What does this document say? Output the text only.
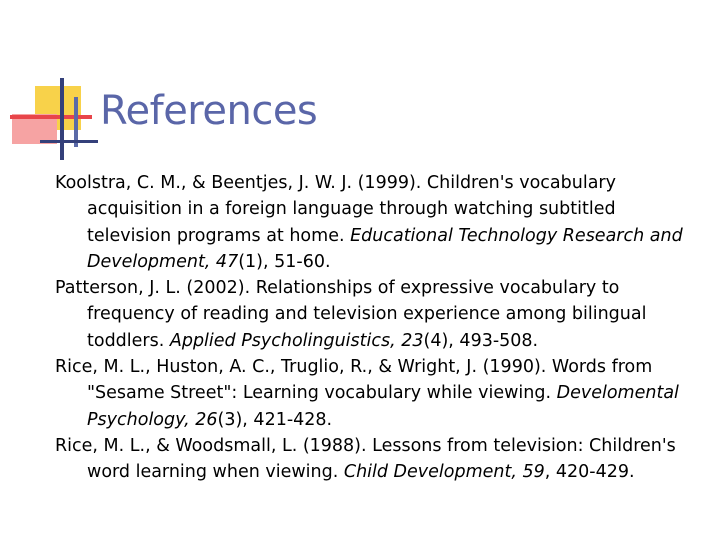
References
Koolstra, C. M., & Beentjes, J. W. J. (1999). Children's vocabulary acquisition in a foreign language through watching subtitled television programs at home. Educational Technology Research and Development, 47(1), 51-60.
Patterson, J. L. (2002). Relationships of expressive vocabulary to frequency of reading and television experience among bilingual toddlers. Applied Psycholinguistics, 23(4), 493-508.
Rice, M. L., Huston, A. C., Truglio, R., & Wright, J. (1990). Words from "Sesame Street": Learning vocabulary while viewing. Develomental Psychology, 26(3), 421-428.
Rice, M. L., & Woodsmall, L. (1988). Lessons from television: Children's word learning when viewing. Child Development, 59, 420-429.
